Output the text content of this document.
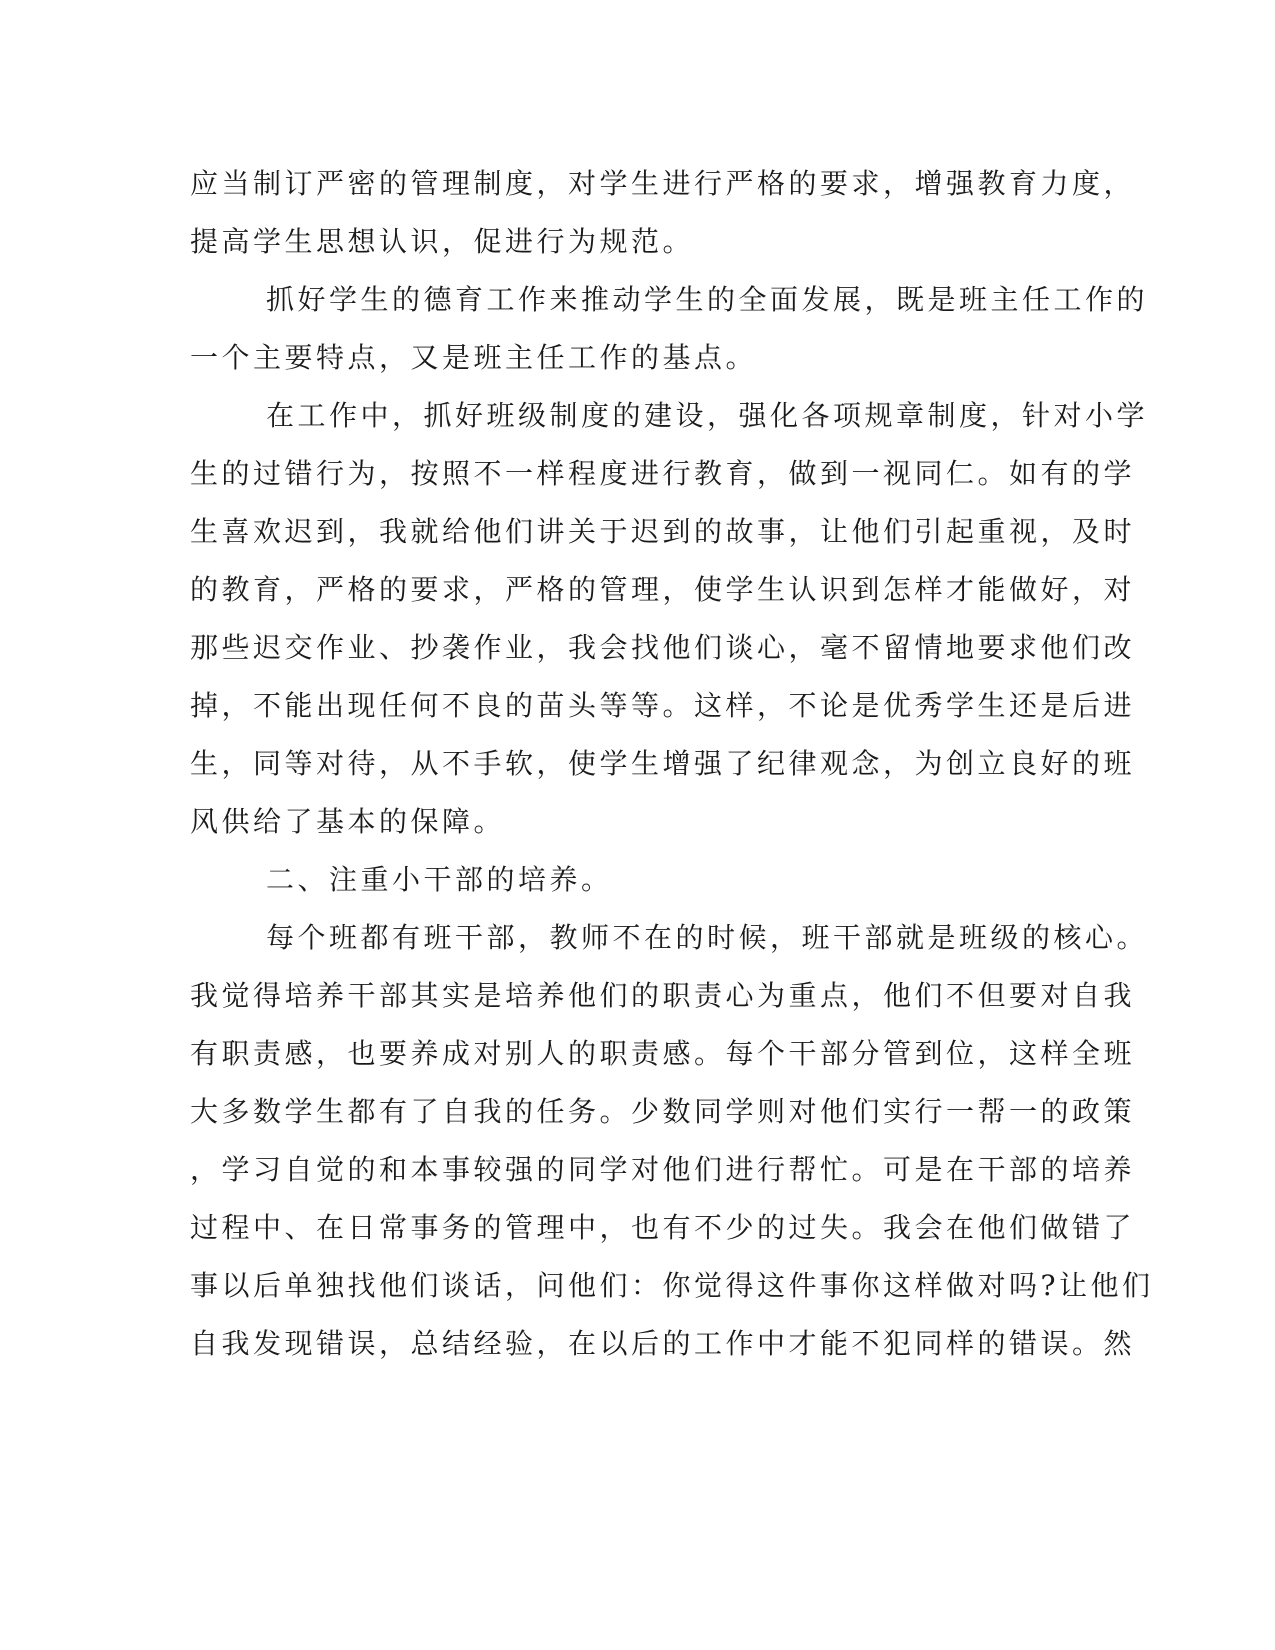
应当制订严密的管理制度，对学生进行严格的要求，增强教育力度，

提高学生思想认识，促进行为规范。

抓好学生的德育工作来推动学生的全面发展，既是班主任工作的

一个主要特点，又是班主任工作的基点。

在工作中，抓好班级制度的建设，强化各项规章制度，针对小学

生的过错行为，按照不一样程度进行教育，做到一视同仁。如有的学

生喜欢迟到，我就给他们讲关于迟到的故事，让他们引起重视，及时

的教育，严格的要求，严格的管理，使学生认识到怎样才能做好，对

那些迟交作业、抄袭作业，我会找他们谈心，毫不留情地要求他们改

掉，不能出现任何不良的苗头等等。这样，不论是优秀学生还是后进

生，同等对待，从不手软，使学生增强了纪律观念，为创立良好的班

风供给了基本的保障。

二、注重小干部的培养。

每个班都有班干部，教师不在的时候，班干部就是班级的核心。

我觉得培养干部其实是培养他们的职责心为重点，他们不但要对自我

有职责感，也要养成对别人的职责感。每个干部分管到位，这样全班

大多数学生都有了自我的任务。少数同学则对他们实行一帮一的政策

，学习自觉的和本事较强的同学对他们进行帮忙。可是在干部的培养

过程中、在日常事务的管理中，也有不少的过失。我会在他们做错了

事以后单独找他们谈话，问他们：你觉得这件事你这样做对吗?让他们

自我发现错误，总结经验，在以后的工作中才能不犯同样的错误。然
